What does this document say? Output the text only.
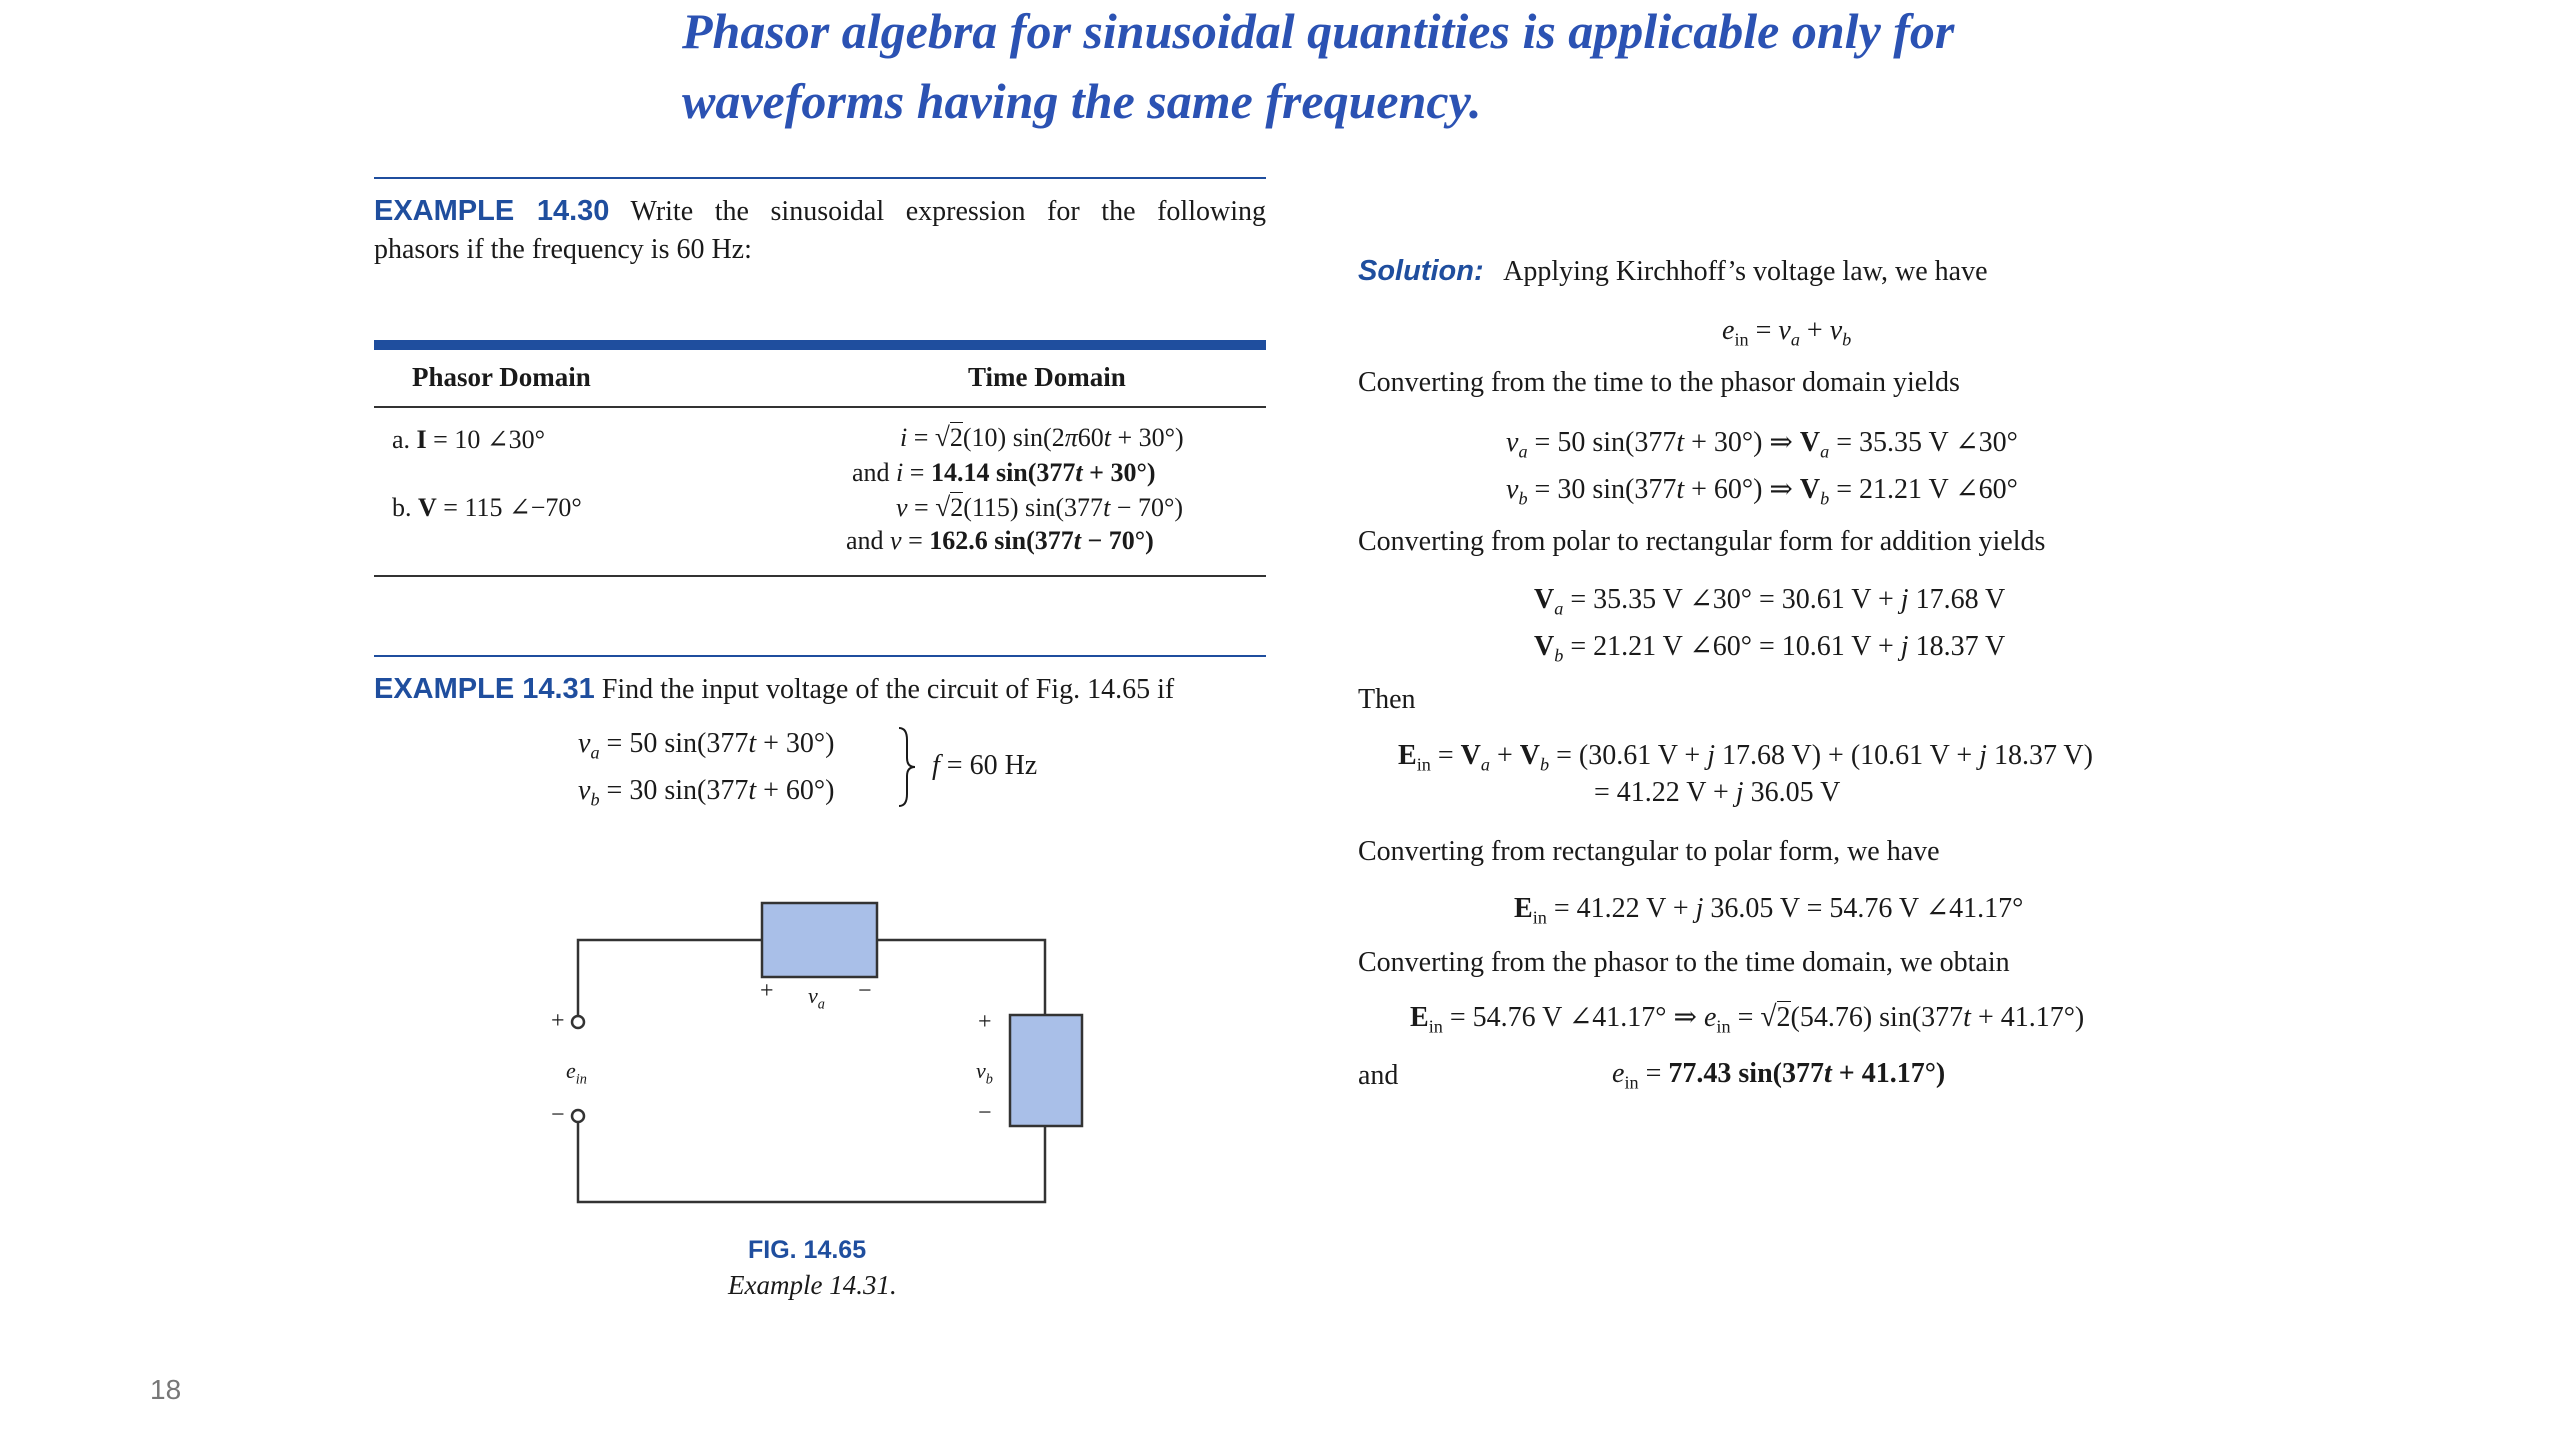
Phasor algebra for sinusoidal quantities is applicable only for
waveforms having the same frequency.
EXAMPLE 14.30 Write the sinusoidal expression for the following
phasors if the frequency is 60 Hz:
Phasor Domain	Time Domain
a. I = 10 ∠30°	i = √2(10) sin(2π60t + 30°)
and i = 14.14 sin(377t + 30°)
b. V = 115 ∠−70°	v = √2(115) sin(377t − 70°)
and v = 162.6 sin(377t − 70°)
EXAMPLE 14.31 Find the input voltage of the circuit of Fig. 14.65 if
$v_a = 50$ sin(377t + 30°)
$v_b = 30$ sin(377t + 60°)
f = 60 Hz
+ $v_a$
−
+
$v_b$
−
+
$e_{in}$
−
FIG. 14.65
Example 14.31.
Solution: Applying Kirchhoff’s voltage law, we have
$e_{in} = v_a + v_b$
Converting from the time to the phasor domain yields
$v_a = 50$ sin(377t + 30°) ⇒ $V_a = 35.35$ V ∠30°
$v_b = 30$ sin(377t + 60°) ⇒ $V_b = 21.21$ V ∠60°
Converting from polar to rectangular form for addition yields
$V_a = 35.35$ V ∠30° = 30.61 V + j 17.68 V
$V_b = 21.21$ V ∠60° = 10.61 V + j 18.37 V
Then
$E_{in} = V_a + V_b = (30.61$ V + j 17.68 V) + (10.61 V + j 18.37 V)
= 41.22 V + j 36.05 V
Converting from rectangular to polar form, we have
$E_{in} = 41.22$ V + j 36.05 V = 54.76 V ∠41.17°
Converting from the phasor to the time domain, we obtain
$E_{in} = 54.76$ V ∠41.17° ⇒ $e_{in} = √2(54.76) \sin(377t + 41.17^\circ)$
and	$e_{in} = 77.43$ sin(377t + 41.17°)
18
